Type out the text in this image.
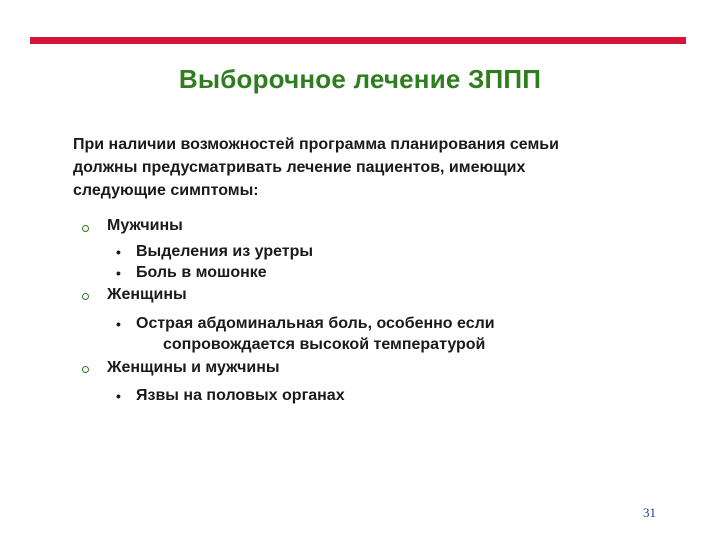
Выборочное лечение ЗППП
При наличии возможностей программа планирования семьи
должны предусматривать лечение пациентов, имеющих
следующие симптомы:
Мужчины
• Выделения из уретры
• Боль в мошонке
Женщины
• Острая абдоминальная боль, особенно если
сопровождается высокой температурой
Женщины и мужчины
• Язвы на половых органах
31
